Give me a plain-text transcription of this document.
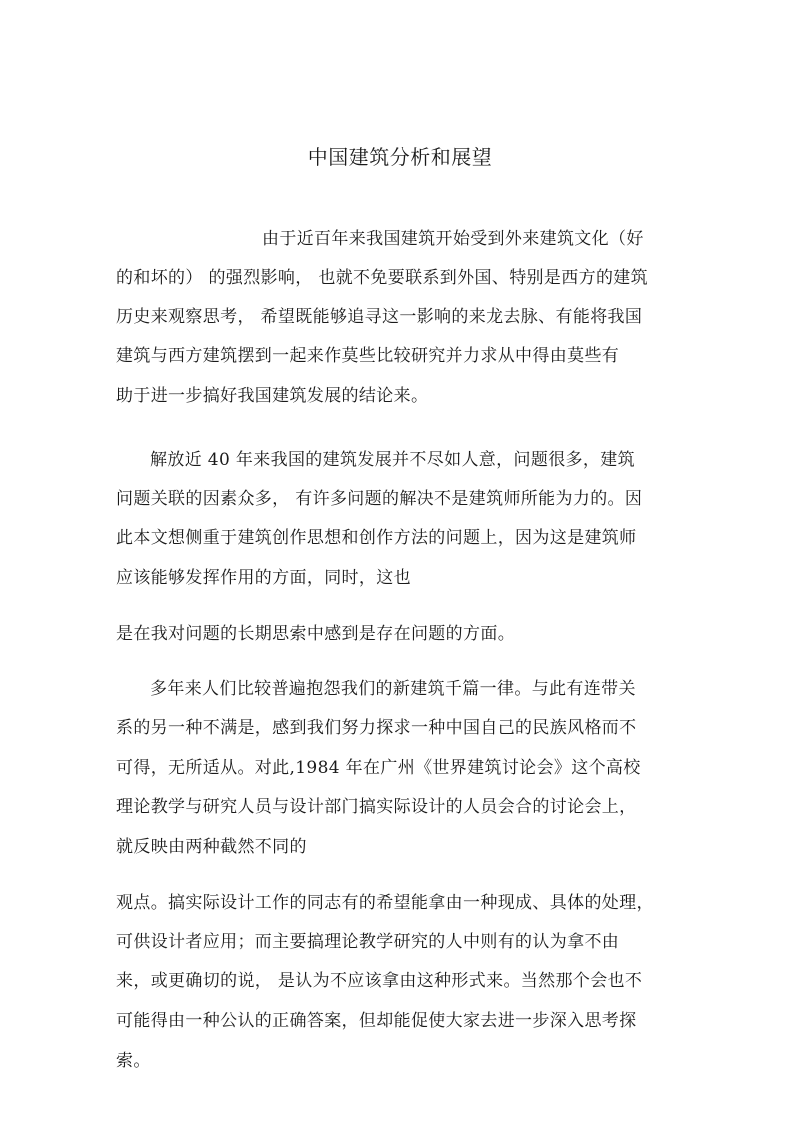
中国建筑分析和展望
由于近百年来我国建筑开始受到外来建筑文化（好
的和坏的） 的强烈影响， 也就不免要联系到外国、特别是西方的建筑
历史来观察思考， 希望既能够追寻这一影响的来龙去脉、有能将我国
建筑与西方建筑摆到一起来作莫些比较研究并力求从中得由莫些有
助于进一步搞好我国建筑发展的结论来。
解放近 40 年来我国的建筑发展并不尽如人意，问题很多，建筑
问题关联的因素众多， 有许多问题的解决不是建筑师所能为力的。因
此本文想侧重于建筑创作思想和创作方法的问题上，因为这是建筑师
应该能够发挥作用的方面，同时，这也
是在我对问题的长期思索中感到是存在问题的方面。
多年来人们比较普遍抱怨我们的新建筑千篇一律。与此有连带关
系的另一种不满是，感到我们努力探求一种中国自己的民族风格而不
可得，无所适从。对此,1984 年在广州《世界建筑讨论会》这个高校
理论教学与研究人员与设计部门搞实际设计的人员会合的讨论会上，
就反映由两种截然不同的
观点。搞实际设计工作的同志有的希望能拿由一种现成、具体的处理，
可供设计者应用；而主要搞理论教学研究的人中则有的认为拿不由
来，或更确切的说， 是认为不应该拿由这种形式来。当然那个会也不
可能得由一种公认的正确答案，但却能促使大家去进一步深入思考探
索。
